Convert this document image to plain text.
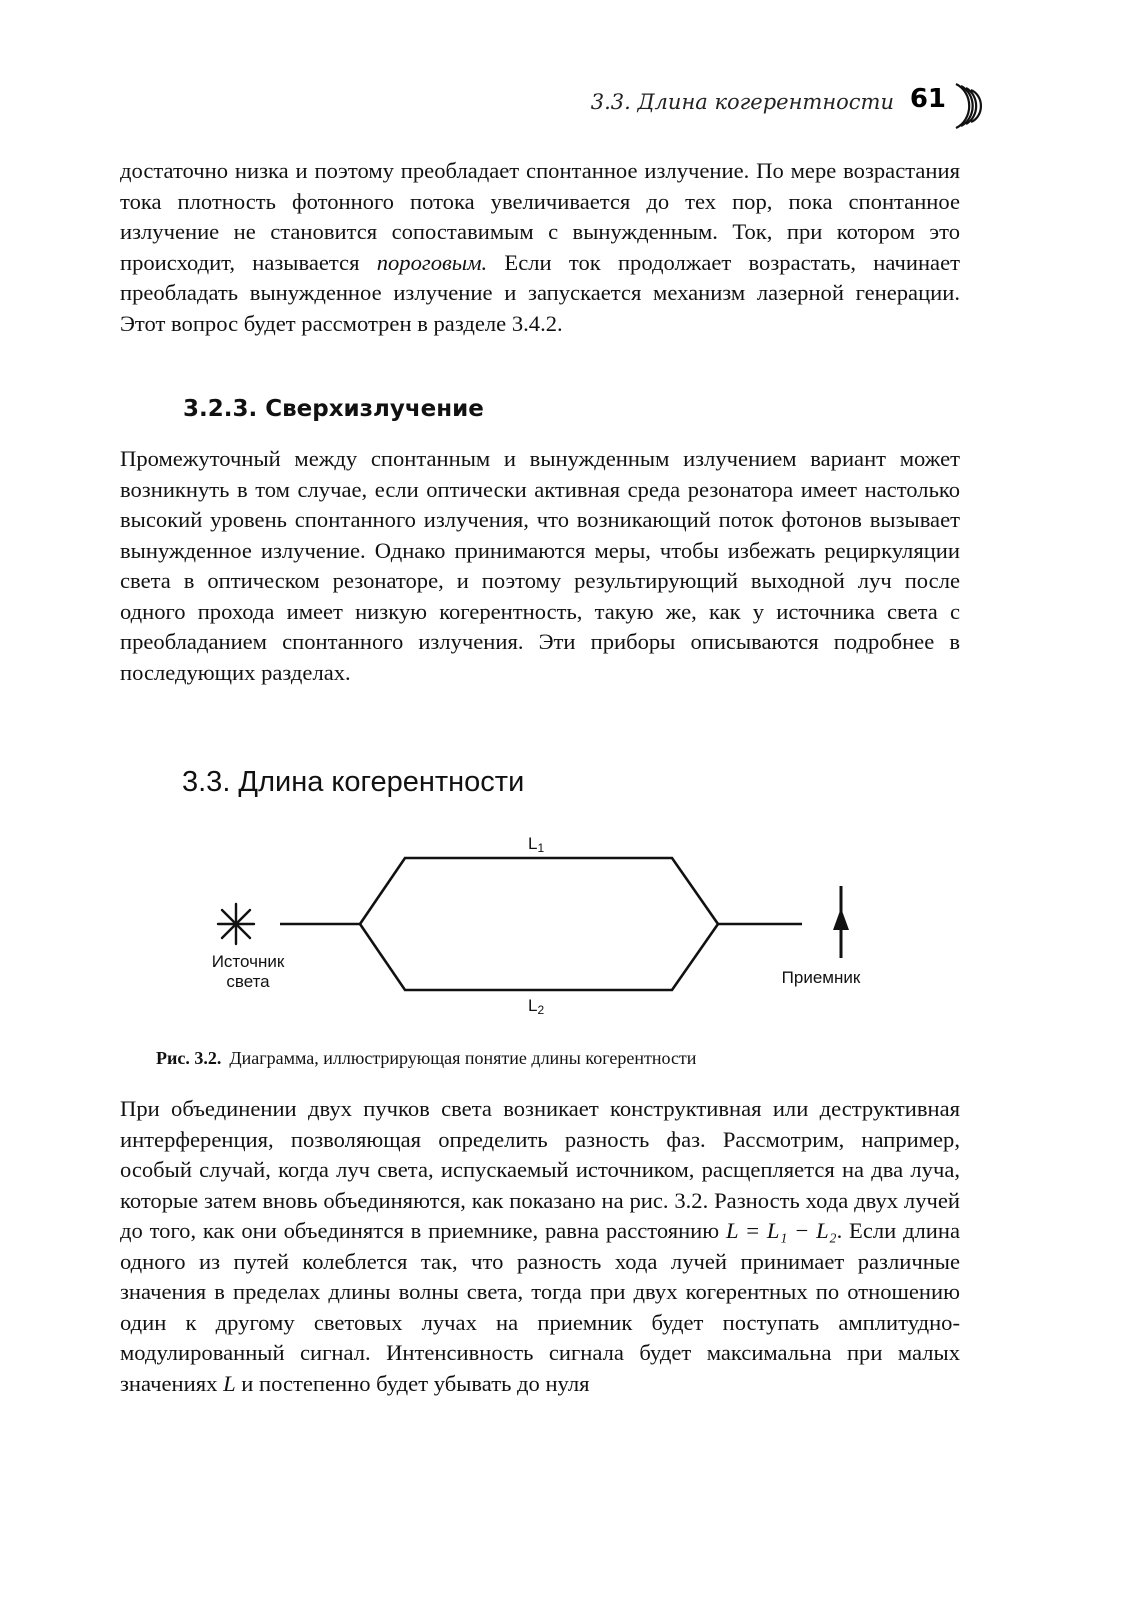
3.3. Длина когерентности 61

достаточно низка и поэтому преобладает спонтанное излучение. По мере возрастания тока плотность фотонного потока увеличивается до тех пор, пока спонтанное излучение не становится сопоставимым с вынужденным. Ток, при котором это происходит, называется пороговым. Если ток продолжает возрастать, начинает преобладать вынужденное излучение и запускается механизм лазерной генерации. Этот вопрос будет рассмотрен в разделе 3.4.2.

3.2.3. Сверхизлучение

Промежуточный между спонтанным и вынужденным излучением вариант может возникнуть в том случае, если оптически активная среда резонатора имеет настолько высокий уровень спонтанного излучения, что возникающий поток фотонов вызывает вынужденное излучение. Однако принимаются меры, чтобы избежать рециркуляции света в оптическом резонаторе, и поэтому результирующий выходной луч после одного прохода имеет низкую когерентность, такую же, как у источника света с преобладанием спонтанного излучения. Эти приборы описываются подробнее в последующих разделах.

3.3. Длина когерентности
L1
L2
Источник
света	Приемник

Рис. 3.2. Диаграмма, иллюстрирующая понятие длины когерентности

При объединении двух пучков света возникает конструктивная или деструктивная интерференция, позволяющая определить разность фаз. Рассмотрим, например, особый случай, когда луч света, испускаемый источником, расщепляется на два луча, которые затем вновь объединяются, как показано на рис. 3.2. Разность хода двух лучей до того, как они объединятся в приемнике, равна расстоянию L = L₁ − L₂. Если длина одного из путей колеблется так, что разность хода лучей принимает различные значения в пределах длины волны света, тогда при двух когерентных по отношению один к другому световых лучах на приемник будет поступать амплитудно-модулированный сигнал. Интенсивность сигнала будет максимальна при малых значениях L и постепенно будет убывать до нуля
